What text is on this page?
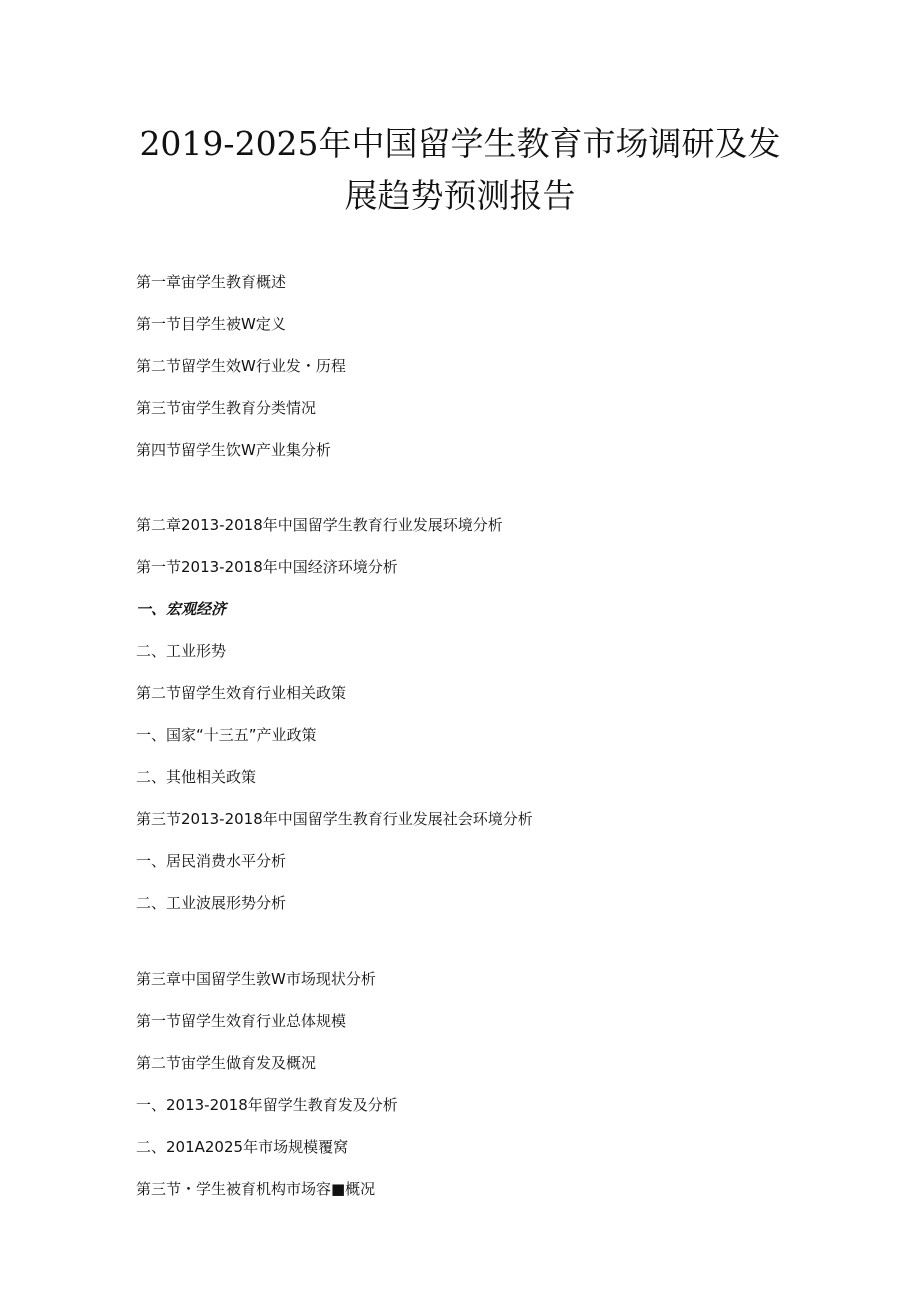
2019-2025年中国留学生教育市场调研及发
展趋势预测报告
第一章宙学生教育概述
第一节目学生被W定义
第二节留学生效W行业发・历程
第三节宙学生教育分类情况
第四节留学生饮W产业集分析
第二章2013-2018年中国留学生教育行业发展环境分析
第一节2013-2018年中国经济环境分析
一、宏观经济
二、工业形势
第二节留学生效育行业相关政策
一、国家“十三五”产业政策
二、其他相关政策
第三节2013-2018年中国留学生教育行业发展社会环境分析
一、居民消费水平分析
二、工业波展形势分析
第三章中国留学生敦W市场现状分析
第一节留学生效育行业总体规模
第二节宙学生做育发及概况
一、2013-2018年留学生教育发及分析
二、201A2025年市场规模覆窝
第三节・学生被育机构市场容■概况
